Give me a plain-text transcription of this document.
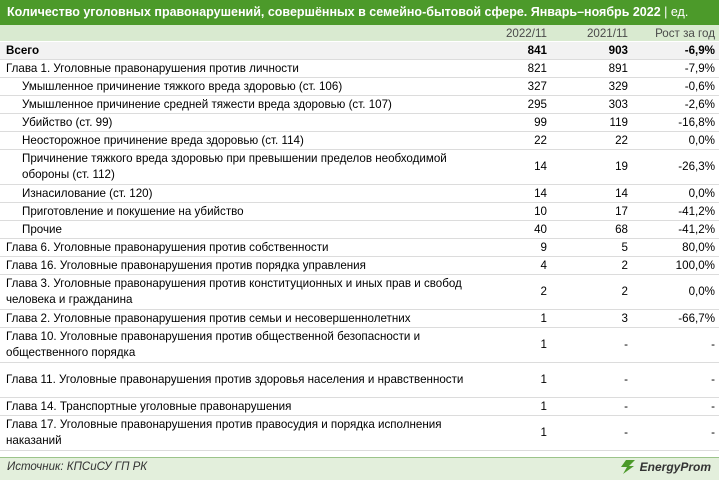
Количество уголовных правонарушений, совершённых в семейно-бытовой сфере. Январь–ноябрь 2022 | ед.
	2022/11	2021/11	Рост за год
Всего	841	903	-6,9%
Глава 1. Уголовные правонарушения против личности	821	891	-7,9%
Умышленное причинение тяжкого вреда здоровью (ст. 106)	327	329	-0,6%
Умышленное причинение средней тяжести вреда здоровью (ст. 107)	295	303	-2,6%
Убийство (ст. 99)	99	119	-16,8%
Неосторожное причинение вреда здоровью (ст. 114)	22	22	0,0%
Причинение тяжкого вреда здоровью при превышении пределов необходимой обороны (ст. 112)	14	19	-26,3%
Изнасилование (ст. 120)	14	14	0,0%
Приготовление и покушение на убийство	10	17	-41,2%
Прочие	40	68	-41,2%
Глава 6. Уголовные правонарушения против собственности	9	5	80,0%
Глава 16. Уголовные правонарушения против порядка управления	4	2	100,0%
Глава 3. Уголовные правонарушения против конституционных и иных прав и свобод человека и гражданина	2	2	0,0%
Глава 2. Уголовные правонарушения против семьи и несовершеннолетних	1	3	-66,7%
Глава 10. Уголовные правонарушения против общественной безопасности и общественного порядка	1	-	-
Глава 11. Уголовные правонарушения против здоровья населения и нравственности	1	-	-
Глава 14. Транспортные уголовные правонарушения	1	-	-
Глава 17. Уголовные правонарушения против правосудия и порядка исполнения наказаний	1	-	-
Источник: КПСиСУ ГП РК	EnergyProm
